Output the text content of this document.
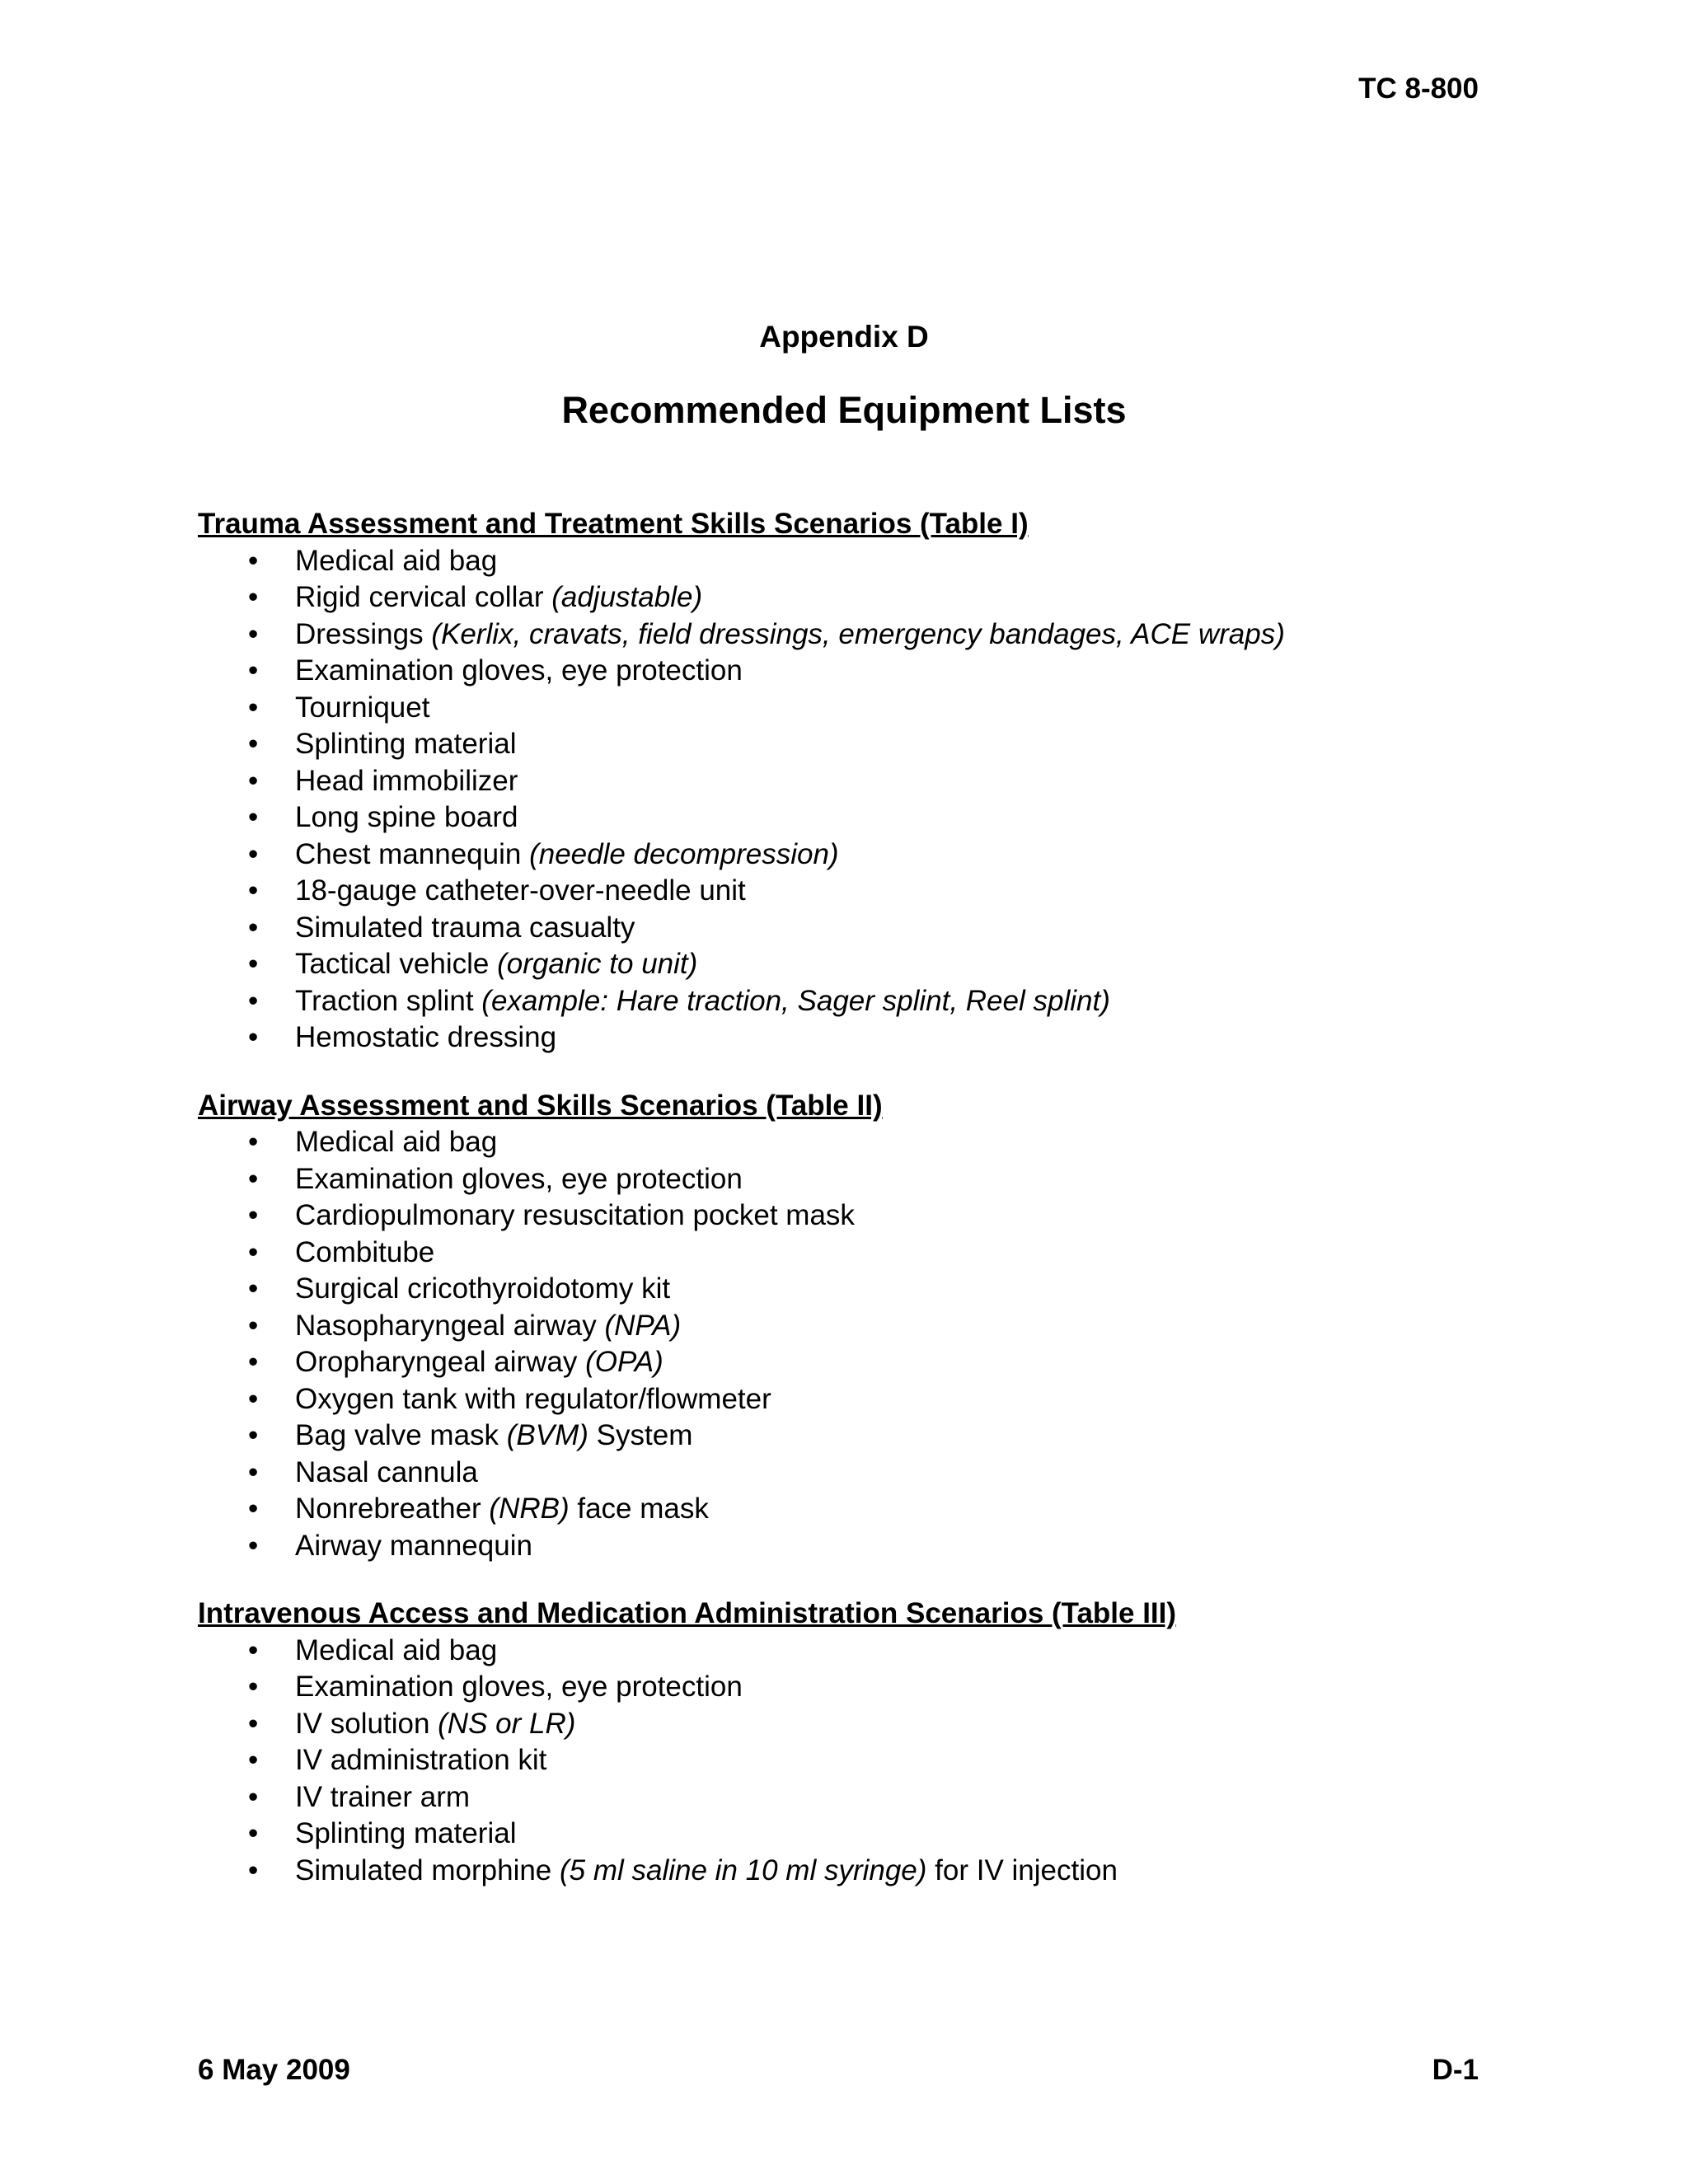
TC 8-800
Appendix D
Recommended Equipment Lists

Trauma Assessment and Treatment Skills Scenarios (Table I)

• Medical aid bag
• Rigid cervical collar (adjustable)
• Dressings (Kerlix, cravats, field dressings, emergency bandages, ACE wraps)
• Examination gloves, eye protection
• Tourniquet
• Splinting material
• Head immobilizer
• Long spine board
• Chest mannequin (needle decompression)
• 18-gauge catheter-over-needle unit
• Simulated trauma casualty
• Tactical vehicle (organic to unit)
• Traction splint (example: Hare traction, Sager splint, Reel splint)
• Hemostatic dressing

Airway Assessment and Skills Scenarios (Table II)

• Medical aid bag
• Examination gloves, eye protection
• Cardiopulmonary resuscitation pocket mask
• Combitube
• Surgical cricothyroidotomy kit
• Nasopharyngeal airway (NPA)
• Oropharyngeal airway (OPA)
• Oxygen tank with regulator/flowmeter
• Bag valve mask (BVM) System
• Nasal cannula
• Nonrebreather (NRB) face mask
• Airway mannequin

Intravenous Access and Medication Administration Scenarios (Table III)

• Medical aid bag
• Examination gloves, eye protection
• IV solution (NS or LR)
• IV administration kit
• IV trainer arm
• Splinting material
• Simulated morphine (5 ml saline in 10 ml syringe) for IV injection
6 May 2009	D-1
